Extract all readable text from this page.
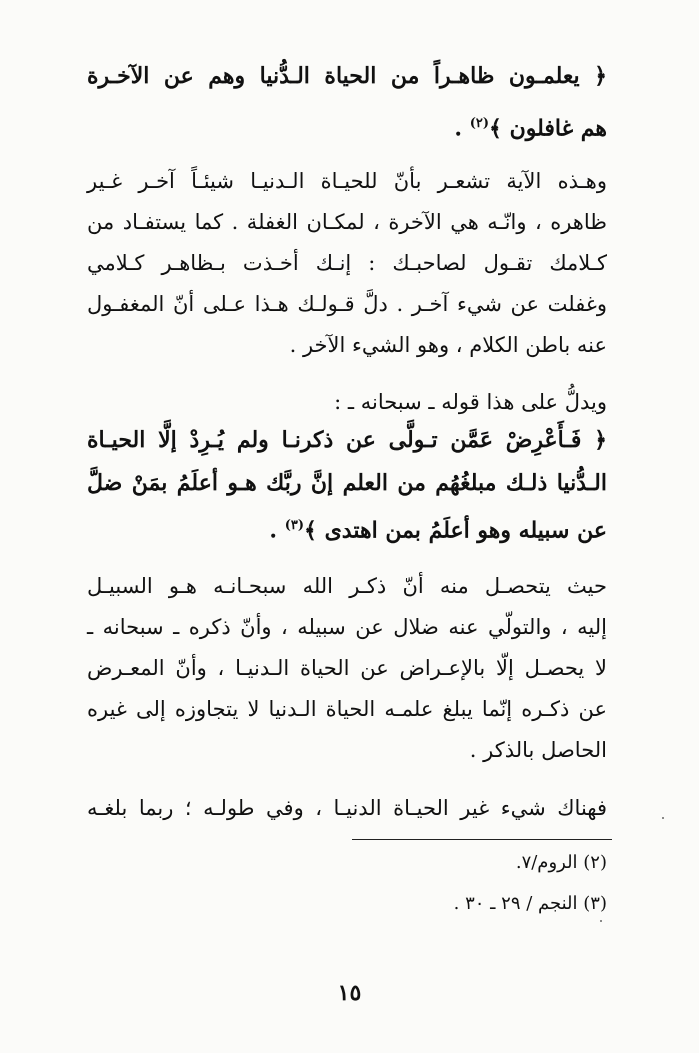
﴿ يعلمـون ظاهـراً من الحياة الـدُّنيا وهم عن الآخـرة
هم غافلون ﴾$^{(٢)}$ .
وهـذه الآية تشعـر بأنّ للحيـاة الـدنيـا شيئـاً آخـر غـير
ظاهره ، وانّـه هي الآخرة ، لمكـان الغفلة . كما يستفـاد من
كـلامك تقـول لصاحبـك : إنـك أخـذت بـظاهـر كـلامي
وغفلت عن شيء آخـر . دلَّ قـولـك هـذا عـلى أنّ المغفـول
عنه باطن الكلام ، وهو الشيء الآخر .
ويدلُّ على هذا قوله ـ سبحانه ـ :
﴿ فَـأَعْرِضْ عَمَّن تـولَّى عن ذكرنـا ولم يُـرِدْ إلَّا الحيـاة
الـدُّنيا ذلـك مبلغُهُم من العلم إنَّ ربَّك هـو أعلَمُ بمَنْ ضلَّ
عن سبيله وهو أعلَمُ بمن اهتدى ﴾$^{(٣)}$ .
حيث يتحصـل منه أنّ ذكـر الله سبحـانـه هـو السبيـل
إليه ، والتولّي عنه ضلال عن سبيله ، وأنّ ذكره ـ سبحانه ـ
لا يحصـل إلّا بالإعـراض عن الحياة الـدنيـا ، وأنّ المعـرض
عن ذكـره إنّما يبلغ علمـه الحياة الـدنيا لا يتجاوزه إلى غيره
الحاصل بالذكر .
فهناك شيء غير الحيـاة الدنيـا ، وفي طولـه ؛ ربما بلغـه
(٢) الروم/٧.
(٣) النجم / ٢٩ ـ ٣٠ .
١٥
